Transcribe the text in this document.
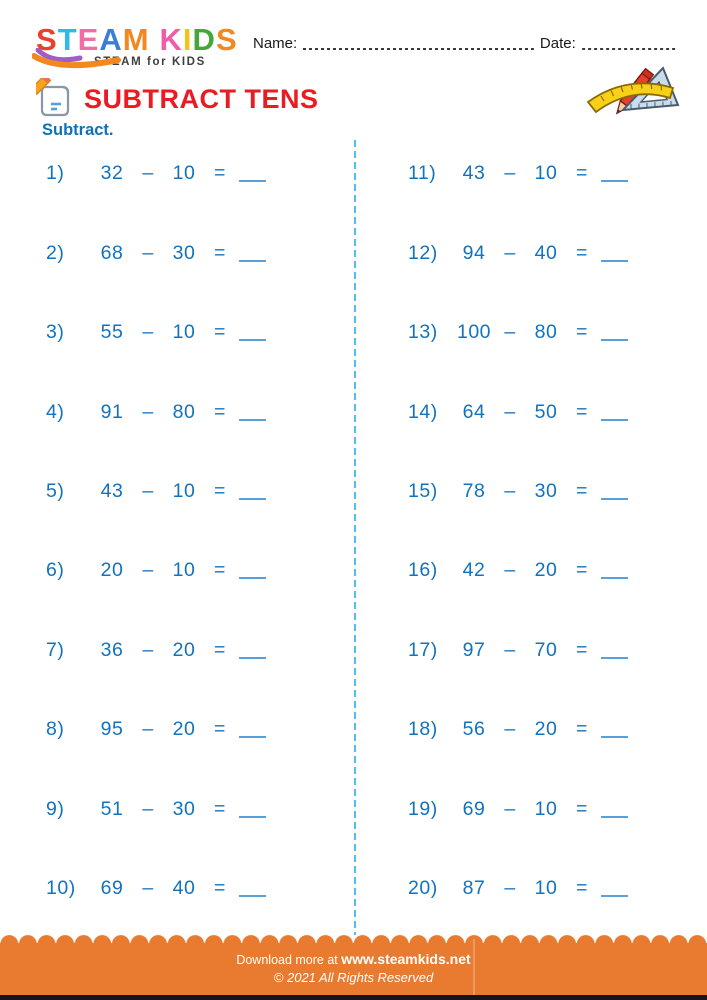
STEAM KIDS
STEAM for KIDS
Name:	Date:
SUBTRACT TENS
Subtract.
1)	32 – 10 =
2)	68 – 30 =
3)	55 – 10 =
4)	91 – 80 =
5)	43 – 10 =
6)	20 – 10 =
7)	36 – 20 =
8)	95 – 20 =
9)	51 – 30 =
10)	69 – 40 =
11)	43 – 10 =
12)	94 – 40 =
13) 100 – 80 =
14)	64 – 50 =
15)	78 – 30 =
16)	42 – 20 =
17)	97 – 70 =
18)	56 – 20 =
19)	69 – 10 =
20)	87 – 10 =
Download more at www.steamkids.net
© 2021 All Rights Reserved
